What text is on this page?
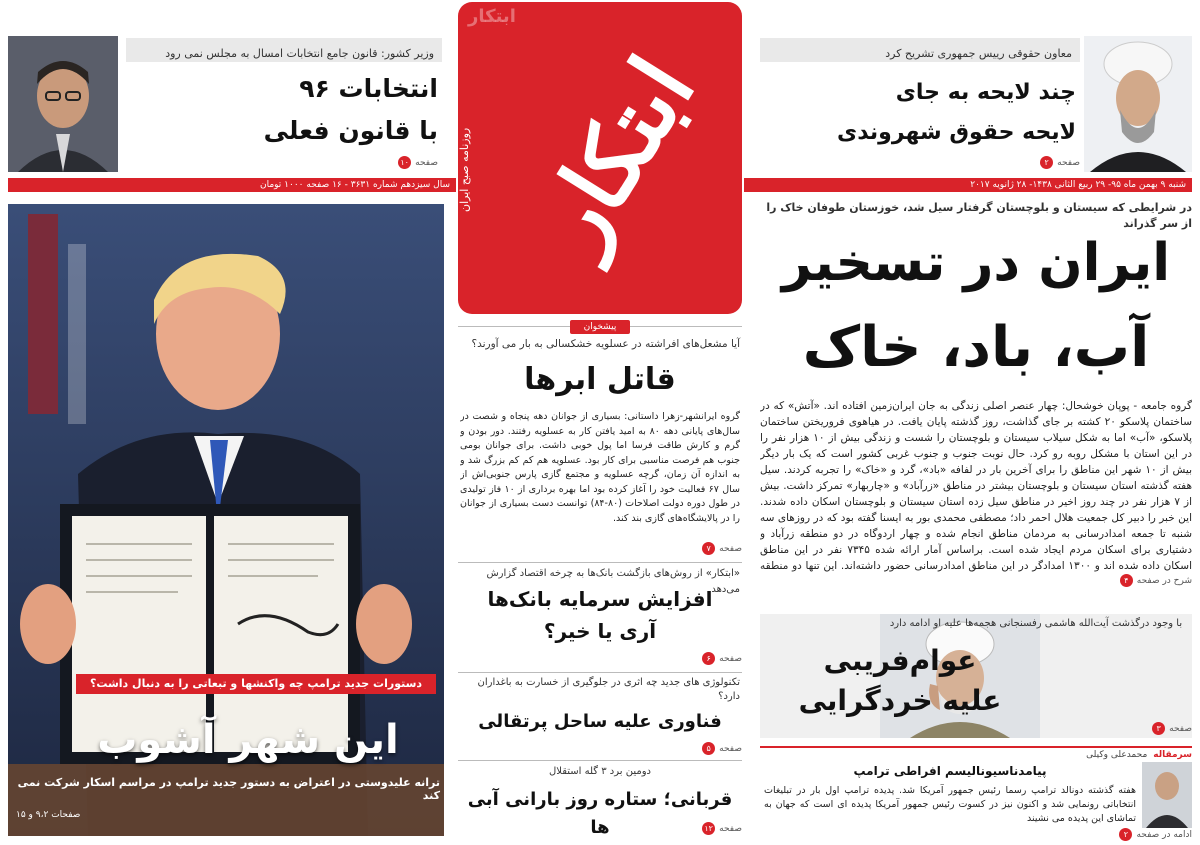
وزیر کشور: قانون جامع انتخابات امسال به مجلس نمی رود
انتخابات ۹۶
با قانون فعلی
صفحه
۱۰
معاون حقوقی رییس جمهوری تشریح کرد
چند لایحه به جای
لایحه حقوق شهروندی
صفحه
۲
سال سیزدهم شماره ۳۶۳۱ - ۱۶ صفحه ۱۰۰۰ تومان	شنبه ۹ بهمن ماه ۹۵- ۲۹ ربیع الثانی ۱۴۳۸- ۲۸ ژانویه ۲۰۱۷
ابتکار
روزنامه صبح ایران ابتکار	در شرایطی که سیستان و بلوچستان گرفتار سیل شد، خوزستان طوفان خاک را از سر گذراند
ایران در تسخیر
آب، باد، خاک
گروه جامعه - پوپان خوشحال: چهار عنصر اصلی زندگی به جان ایران‌زمین افتاده اند. «آتش» که در ساختمان پلاسکو ۲۰ کشته بر جای گذاشت، روز گذشته پایان یافت. در هیاهوی فروریختن ساختمان پلاسکو، «آب» اما به شکل سیلاب سیستان و بلوچستان را شست و زندگی بیش از ۱۰ هزار نفر را در این استان با مشکل روبه رو کرد. حال نوبت جنوب و جنوب غربی کشور است که یک بار دیگر بیش از ۱۰ شهر این مناطق را برای آخرین بار در لفافه «باد»، گرد و «خاک» را تجربه کردند. سیل هفته گذشته استان سیستان و بلوچستان بیشتر در مناطق «زرآباد» و «چاربهار» تمرکز داشت. بیش از ۷ هزار نفر در چند روز اخیر در مناطق سیل زده استان سیستان و بلوچستان اسکان داده شدند. این خبر را دبیر کل جمعیت هلال احمر داد؛ مصطفی محمدی بور به ایسنا گفته بود که در روزهای سه شنبه تا جمعه امدادرسانی به مردمان مناطق انجام شده و چهار اردوگاه در دو منطقه زرآباد و دشتیاری برای اسکان مردم ایجاد شده است. براساس آمار ارائه شده ۷۳۴۵ نفر در این مناطق اسکان داده شده اند و ۱۳۰۰ امدادگر در این مناطق امدادرسانی حضور داشته‌اند. این تنها دو منطقه
شرح در صفحه
۴
با وجود درگذشت آیت‌الله هاشمی رفسنجانی هجمه‌ها علیه او ادامه دارد
عوام‌فریبی
علیه خردگرایی
صفحه
۳
سرمقاله
محمدعلی وکیلی
پیامدناسیونالیسم افراطی ترامپ
هفته گذشته دونالد ترامپ رسما رئیس جمهور آمریکا شد. پدیده ترامپ اول بار در تبلیغات انتخاباتی رونمایی شد و اکنون نیز در کسوت رئیس جمهور آمریکا پدیده ای است که جهان به تماشای این پدیده می نشیند
ادامه در صفحه
۲
پیشخوان
آیا مشعل‌های افراشته در عسلویه خشکسالی به بار می آورند؟
قاتل ابرها
گروه ایرانشهر-زهرا داستانی: بسیاری از جوانان دهه پنجاه و شصت در سال‌های پایانی دهه ۸۰ به امید یافتن کار به عسلویه رفتند. دور بودن و گرم و کارش طاقت فرسا اما پول خوبی داشت. برای جوانان بومی جنوب هم فرصت مناسبی برای کار بود. عسلویه هم کم کم بزرگ شد و به اندازه آن زمان، گرچه عسلویه و مجتمع گازی پارس جنوبی‌اش از سال ۶۷ فعالیت خود را آغاز کرده بود اما بهره برداری از ۱۰ فاز تولیدی در طول دوره دولت اصلاحات (۸۰-۸۴) توانست دست بسیاری از جوانان را در پالایشگاه‌های گازی بند کند.
صفحه
۷
«ابتکار» از روش‌های بازگشت بانک‌ها به چرخه اقتصاد گزارش می‌دهد
افزایش سرمایه بانک‌ها
آری یا خیر؟
صفحه
۶
تکنولوژی های جدید چه اثری در جلوگیری از خسارت به باغداران دارد؟
فناوری علیه ساحل پرتقالی
صفحه
۵
دومین برد ۳ گله استقلال
قربانی؛ ستاره روز بارانی آبی ها	صفحه
۱۲
دستورات جدید ترامپ چه واکنشها و تبعاتی را به دنبال داشت؟
این شهر آشوب
ترانه علیدوستی در اعتراض به دستور جدید ترامپ در مراسم اسکار شرکت نمی کند
صفحات ۹،۲ و ۱۵
